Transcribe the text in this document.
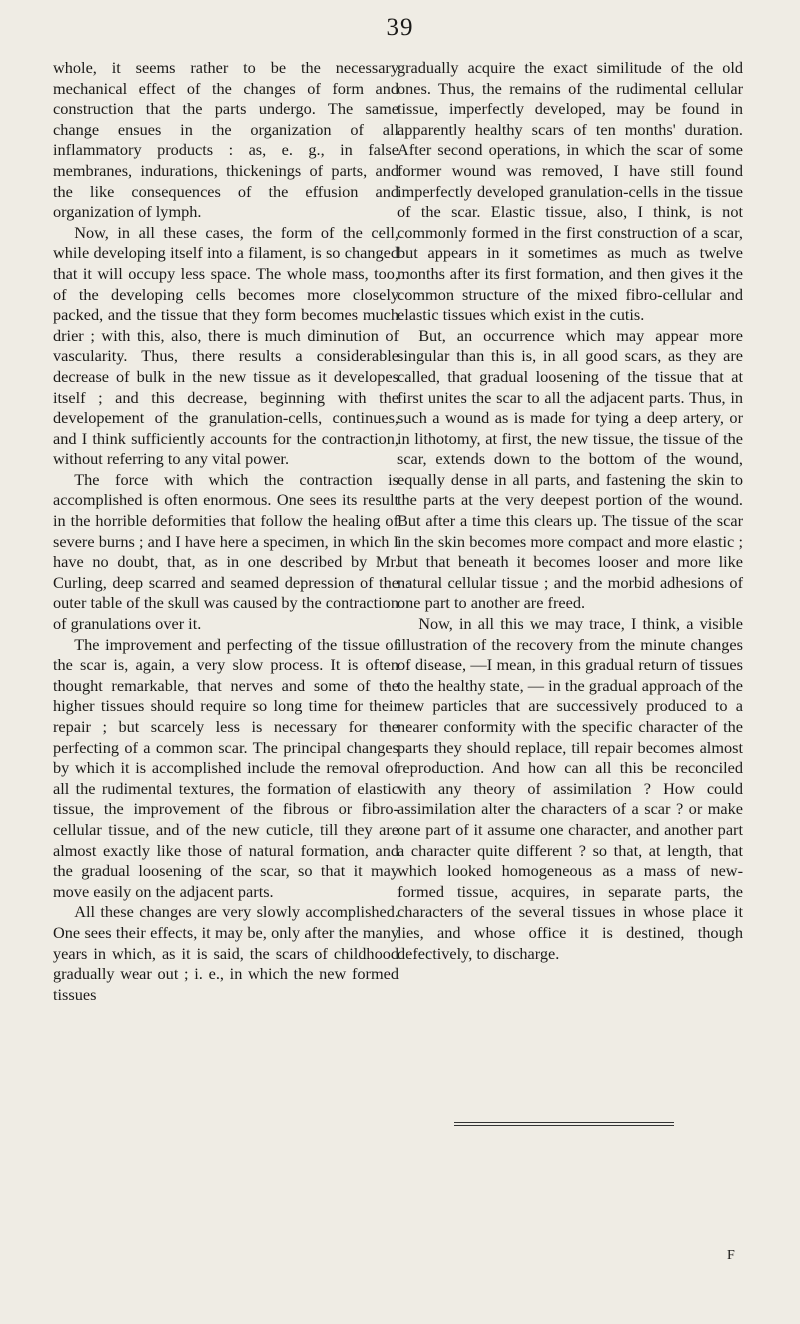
39

whole, it seems rather to be the necessary mechanical effect of the changes of form and construction that the parts undergo. The same change ensues in the organization of all inflammatory products : as, e. g., in false membranes, indurations, thickenings of parts, and the like consequences of the effusion and organization of lymph.

Now, in all these cases, the form of the cell, while developing itself into a filament, is so changed that it will occupy less space. The whole mass, too, of the developing cells becomes more closely packed, and the tissue that they form becomes much drier ; with this, also, there is much diminution of vascularity. Thus, there results a considerable decrease of bulk in the new tissue as it developes itself ; and this decrease, beginning with the developement of the granulation-cells, continues, and I think sufficiently accounts for the contraction, without referring to any vital power.

The force with which the contraction is accomplished is often enormous. One sees its result in the horrible deformities that follow the healing of severe burns ; and I have here a specimen, in which I have no doubt, that, as in one described by Mr. Curling, deep scarred and seamed depression of the outer table of the skull was caused by the contraction of granulations over it.

The improvement and perfecting of the tissue of the scar is, again, a very slow process. It is often thought remarkable, that nerves and some of the higher tissues should require so long time for their repair ; but scarcely less is necessary for the perfecting of a common scar. The principal changes by which it is accomplished include the removal of all the rudimental textures, the formation of elastic tissue, the improvement of the fibrous or fibro-cellular tissue, and of the new cuticle, till they are almost exactly like those of natural formation, and the gradual loosening of the scar, so that it may move easily on the adjacent parts.

All these changes are very slowly accomplished. One sees their effects, it may be, only after the many years in which, as it is said, the scars of childhood gradually wear out ; i. e., in which the new formed tissues

gradually acquire the exact similitude of the old ones. Thus, the remains of the rudimental cellular tissue, imperfectly developed, may be found in apparently healthy scars of ten months' duration. After second operations, in which the scar of some former wound was removed, I have still found imperfectly developed granulation-cells in the tissue of the scar. Elastic tissue, also, I think, is not commonly formed in the first construction of a scar, but appears in it sometimes as much as twelve months after its first formation, and then gives it the common structure of the mixed fibro-cellular and elastic tissues which exist in the cutis.

But, an occurrence which may appear more singular than this is, in all good scars, as they are called, that gradual loosening of the tissue that at first unites the scar to all the adjacent parts. Thus, in such a wound as is made for tying a deep artery, or in lithotomy, at first, the new tissue, the tissue of the scar, extends down to the bottom of the wound, equally dense in all parts, and fastening the skin to the parts at the very deepest portion of the wound. But after a time this clears up. The tissue of the scar in the skin becomes more compact and more elastic ; but that beneath it becomes looser and more like natural cellular tissue ; and the morbid adhesions of one part to another are freed.

Now, in all this we may trace, I think, a visible illustration of the recovery from the minute changes of disease, —I mean, in this gradual return of tissues to the healthy state, — in the gradual approach of the new particles that are successively produced to a nearer conformity with the specific character of the parts they should replace, till repair becomes almost reproduction. And how can all this be reconciled with any theory of assimilation ? How could assimilation alter the characters of a scar ? or make one part of it assume one character, and another part a character quite different ? so that, at length, that which looked homogeneous as a mass of new-formed tissue, acquires, in separate parts, the characters of the several tissues in whose place it lies, and whose office it is destined, though defectively, to discharge.

F
